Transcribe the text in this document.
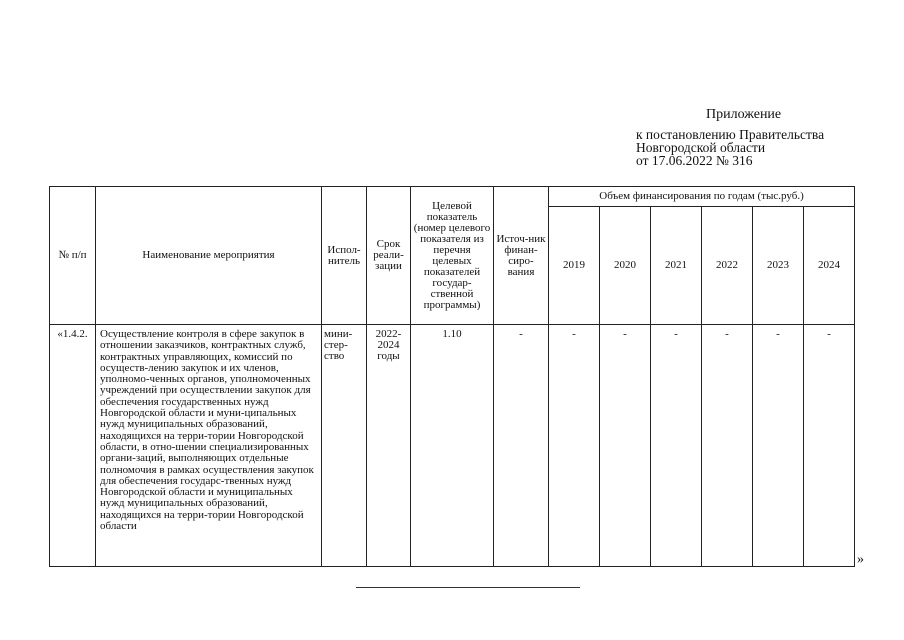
Приложение
к постановлению Правительства
Новгородской области
от 17.06.2022 № 316
№ п/п	Наименование мероприятия	Испол-нитель	Срок реали-зации	Целевой показатель (номер целевого показателя из перечня целевых показателей государ-ственной программы)	Источ-ник финан-сиро-вания	Объем финансирования по годам (тыс.руб.)					
						2019	2020	2021	2022	2023	2024
«1.4.2.	Осуществление контроля в сфере закупок в отношении заказчиков, контрактных служб, контрактных управляющих, комиссий по осуществ-лению закупок и их членов, уполномо-ченных органов, уполномоченных учреждений при осуществлении закупок для обеспечения государственных нужд Новгородской области и муни-ципальных нужд муниципальных образований, находящихся на терри-тории Новгородской области, в отно-шении специализированных органи-заций, выполняющих отдельные полномочия в рамках осуществления закупок для обеспечения государс-твенных нужд Новгородской области и муниципальных нужд муниципальных образований, находящихся на терри-тории Новгородской области	мини-стер-ство	2022-2024 годы	1.10	-	-	-	-	-	-	-
»
